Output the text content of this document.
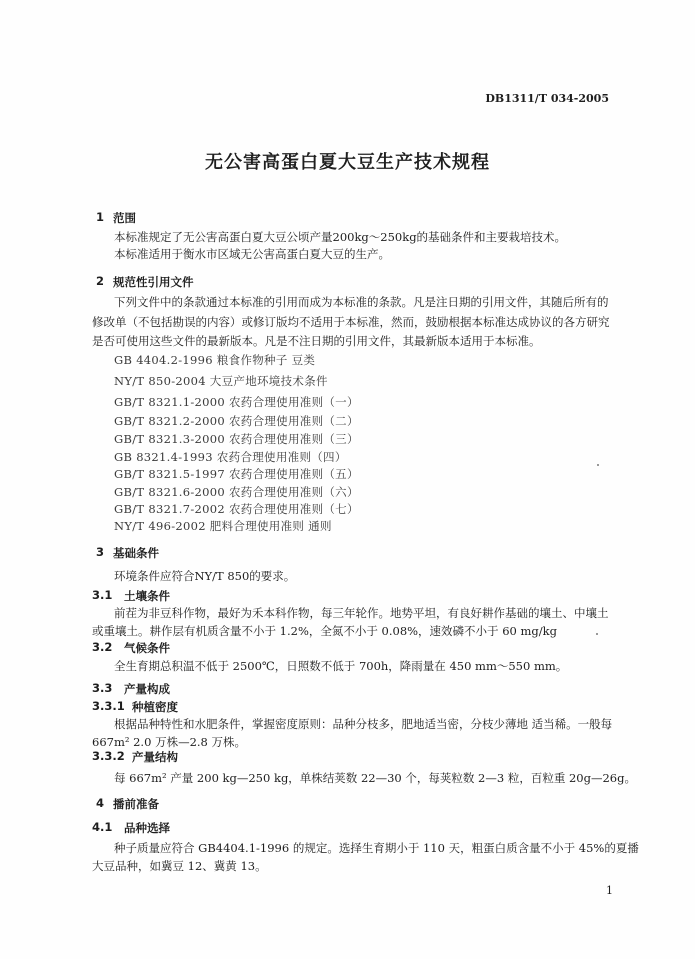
DB1311/T 034-2005
无公害高蛋白夏大豆生产技术规程
1 范围
本标准规定了无公害高蛋白夏大豆公顷产量200kg～250kg的基础条件和主要栽培技术。
本标准适用于衡水市区域无公害高蛋白夏大豆的生产。
2 规范性引用文件
下列文件中的条款通过本标准的引用而成为本标准的条款。凡是注日期的引用文件，其随后所有的
修改单（不包括勘误的内容）或修订版均不适用于本标准，然而，鼓励根据本标准达成协议的各方研究
是否可使用这些文件的最新版本。凡是不注日期的引用文件，其最新版本适用于本标准。
GB 4404.2-1996 粮食作物种子 豆类
NY/T 850-2004 大豆产地环境技术条件
GB/T 8321.1-2000 农药合理使用准则（一）
GB/T 8321.2-2000 农药合理使用准则（二）
GB/T 8321.3-2000 农药合理使用准则（三）
GB 8321.4-1993 农药合理使用准则（四）
GB/T 8321.5-1997 农药合理使用准则（五）
GB/T 8321.6-2000 农药合理使用准则（六）
GB/T 8321.7-2002 农药合理使用准则（七）
NY/T 496-2002 肥料合理使用准则 通则
3 基础条件
环境条件应符合NY/T 850的要求。
3.1 土壤条件
前茬为非豆科作物，最好为禾本科作物，每三年轮作。地势平坦，有良好耕作基础的壤土、中壤土
或重壤土。耕作层有机质含量不小于 1.2%，全氮不小于 0.08%，速效磷不小于 60 mg/kg
3.2 气候条件
全生育期总积温不低于 2500℃，日照数不低于 700h，降雨量在 450 mm～550 mm。
3.3 产量构成
3.3.1 种植密度
根据品种特性和水肥条件，掌握密度原则：品种分枝多，肥地适当密，分枝少薄地 适当稀。一般每
667m² 2.0 万株—2.8 万株。
3.3.2 产量结构
每 667m² 产量 200 kg—250 kg，单株结荚数 22—30 个，每荚粒数 2—3 粒，百粒重 20g—26g。
4 播前准备
4.1 品种选择
种子质量应符合 GB4404.1-1996 的规定。选择生育期小于 110 天，粗蛋白质含量不小于 45%的夏播
大豆品种，如冀豆 12、冀黄 13。
1
